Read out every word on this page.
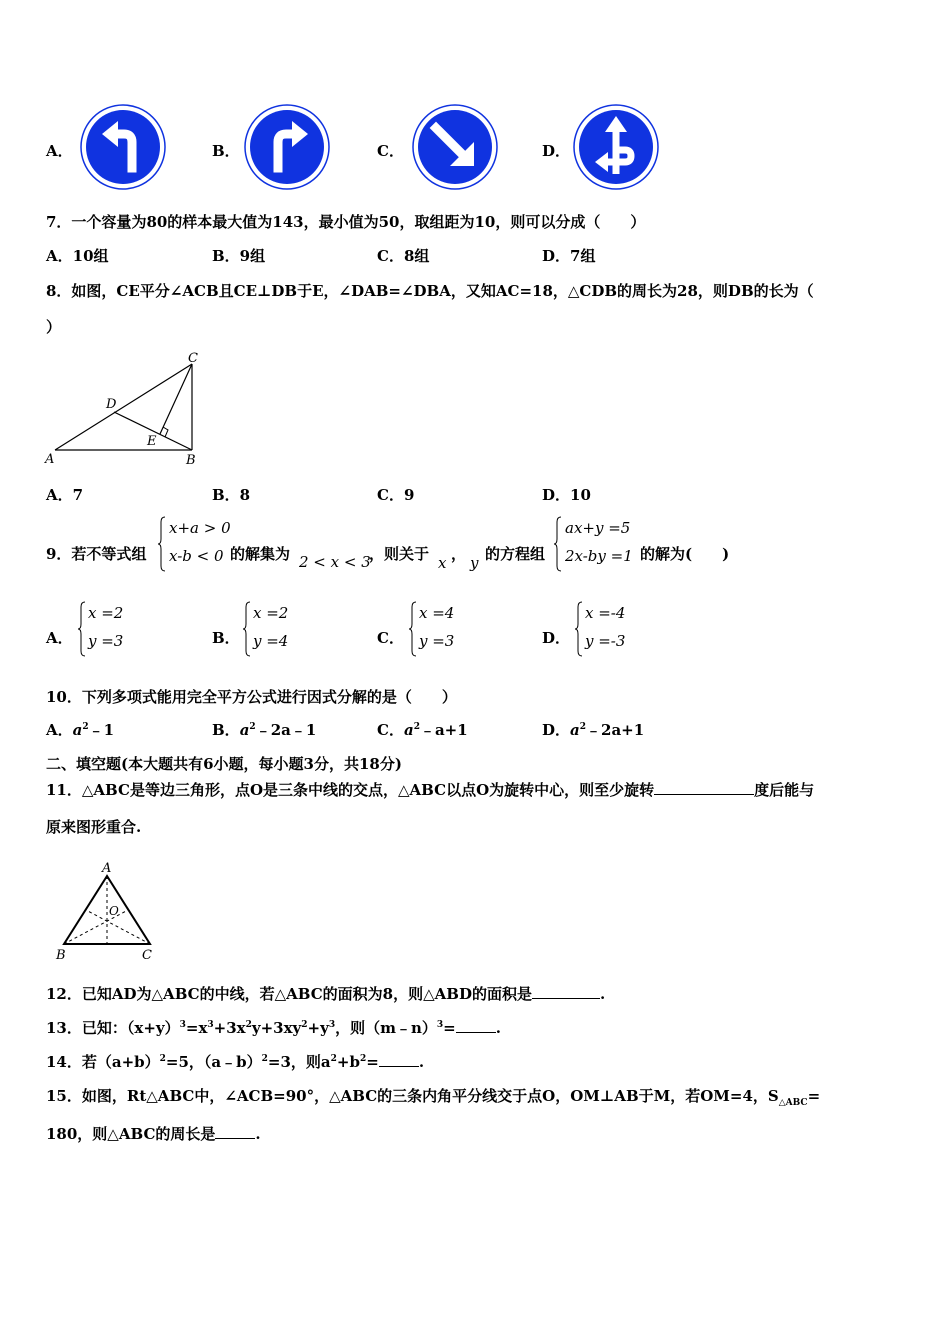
A．	B．	C．	D．
7．一个容量为80的样本最大值为143，最小值为50，取组距为10，则可以分成（　　）
A．10组	B．9组	C．8组	D．7组
8．如图，CE平分∠ACB且CE⊥DB于E，∠DAB=∠DBA，又知AC=18，△CDB的周长为28，则DB的长为（
）
C
D
E
A	B
A．7	B．8	C．9	D．10
9．若不等式组
x+a > 0
x-b < 0 的解集为 2 < x < 3
，则关于 x ， y 的方程组
ax+y =5
2x-by =1 的解为(　　)
A．
x =2
y =3	B．
x =2
y =4	C．
x =4
y =3	D．
x =-4
y =-3
10．下列多项式能用完全平方公式进行因式分解的是（　　）
A．$a^2﹣1$	B．$a^2﹣2a﹣1$	C．$a^2﹣a+1$	D．$a^2﹣2a+1$
二、填空题(本大题共有6小题，每小题3分，共18分)
11．△ABC是等边三角形，点O是三条中线的交点，△ABC以点O为旋转中心，则至少旋转	度后能与
原来图形重合.
A
O
B	C
12．已知AD为△ABC的中线，若△ABC的面积为8，则△ABD的面积是	.
13．已知：$(x+y)^3=x^3+3x^2y+3xy^2+y^3$，则（m﹣n）$^3$=	.
14．若$(a+b)^2=5$，（a﹣b）$^2$=3，则$a^2+b^2=$	.
15．如图，Rt△ABC中，∠ACB=90°，△ABC的三条内角平分线交于点O，OM⊥AB于M，若OM=4，$S_{\triangle ABC}=$
180，则△ABC的周长是	.
